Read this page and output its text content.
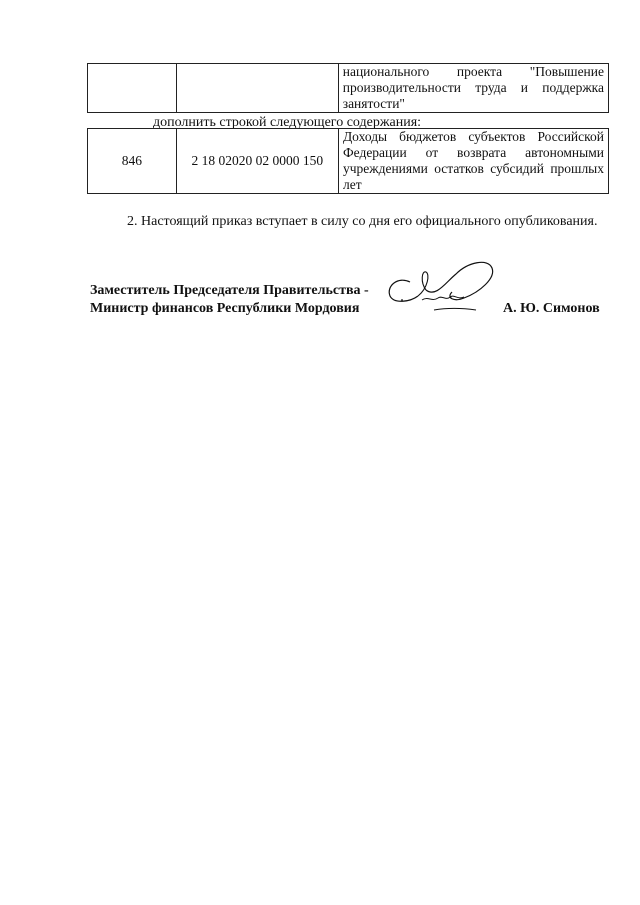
		национального проекта "Повышение производительности труда и поддержка занятости"
дополнить строкой следующего содержания:
846	2 18 02020 02 0000 150	Доходы бюджетов субъектов Российской Федерации от возврата автономными учреждениями остатков субсидий прошлых лет
2. Настоящий приказ вступает в силу со дня его официального опубликования.
Заместитель Председателя Правительства -
Министр финансов Республики Мордовия	А. Ю. Симонов
